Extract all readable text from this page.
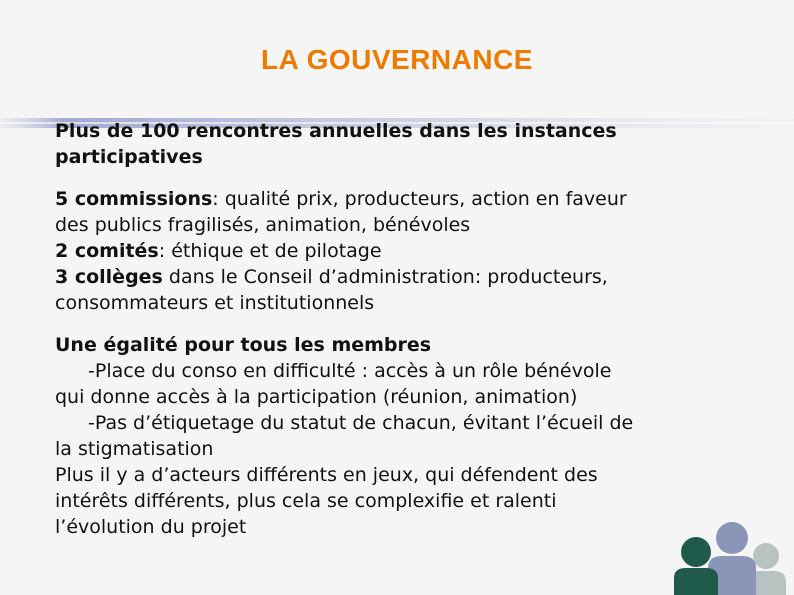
LA GOUVERNANCE

Plus de 100 rencontres annuelles dans les instances
participatives

5 commissions: qualité prix, producteurs, action en faveur
des publics fragilisés, animation, bénévoles
2 comités: éthique et de pilotage
3 collèges dans le Conseil d’administration: producteurs,
consommateurs et institutionnels

Une égalité pour tous les membres
-Place du conso en difficulté : accès à un rôle bénévole
qui donne accès à la participation (réunion, animation)
-Pas d’étiquetage du statut de chacun, évitant l’écueil de
la stigmatisation
Plus il y a d’acteurs différents en jeux, qui défendent des
intérêts différents, plus cela se complexifie et ralenti
l’évolution du projet
